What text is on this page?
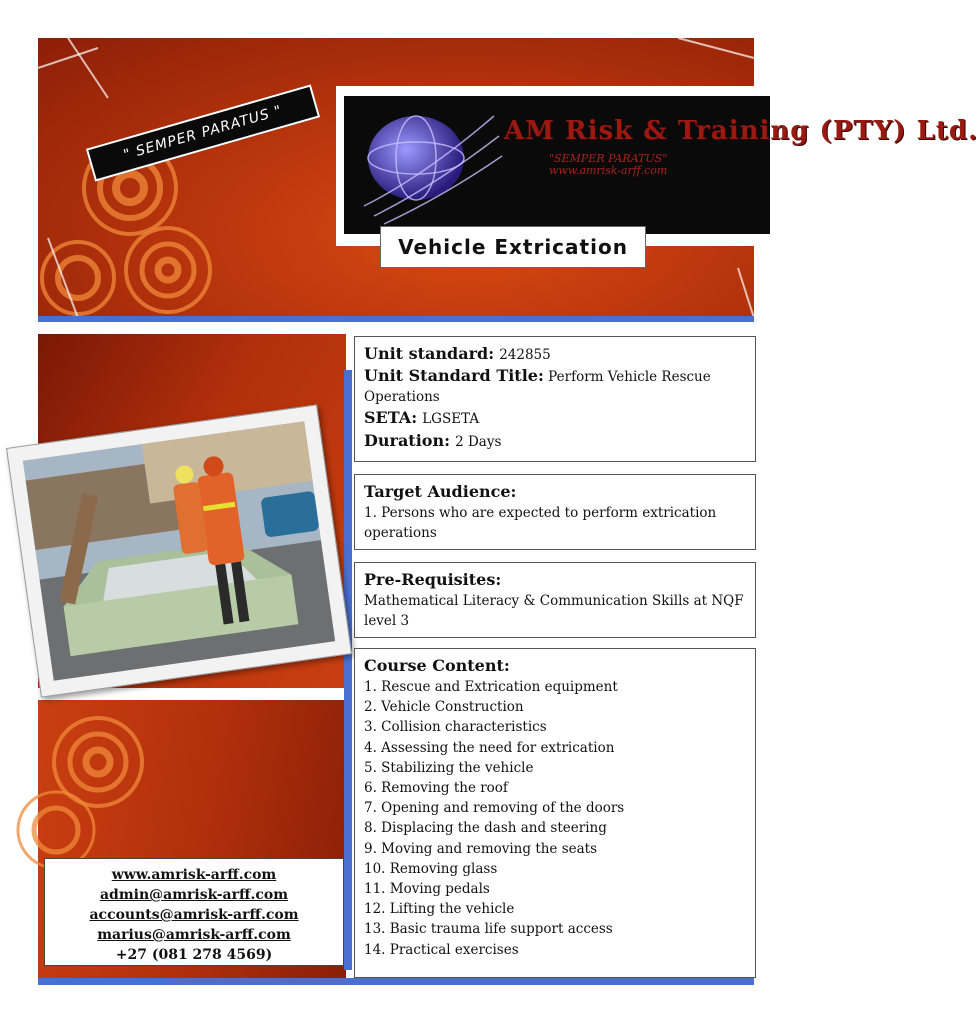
" SEMPER PARATUS "	AM Risk & Training (PTY) Ltd.
"SEMPER PARATUS"
www.amrisk-arff.com
Vehicle Extrication
www.amrisk-arff.com
admin@amrisk-arff.com
accounts@amrisk-arff.com
marius@amrisk-arff.com
+27 (081 278 4569)
Unit standard: 242855
Unit Standard Title: Perform Vehicle Rescue Operations
SETA: LGSETA
Duration: 2 Days
Target Audience:
1. Persons who are expected to perform extrication operations
Pre-Requisites:
Mathematical Literacy & Communication Skills at NQF level 3
Course Content:
1. Rescue and Extrication equipment
2. Vehicle Construction
3. Collision characteristics
4. Assessing the need for extrication
5. Stabilizing the vehicle
6. Removing the roof
7. Opening and removing of the doors
8. Displacing the dash and steering
9. Moving and removing the seats
10. Removing glass
11. Moving pedals
12. Lifting the vehicle
13. Basic trauma life support access
14. Practical exercises
